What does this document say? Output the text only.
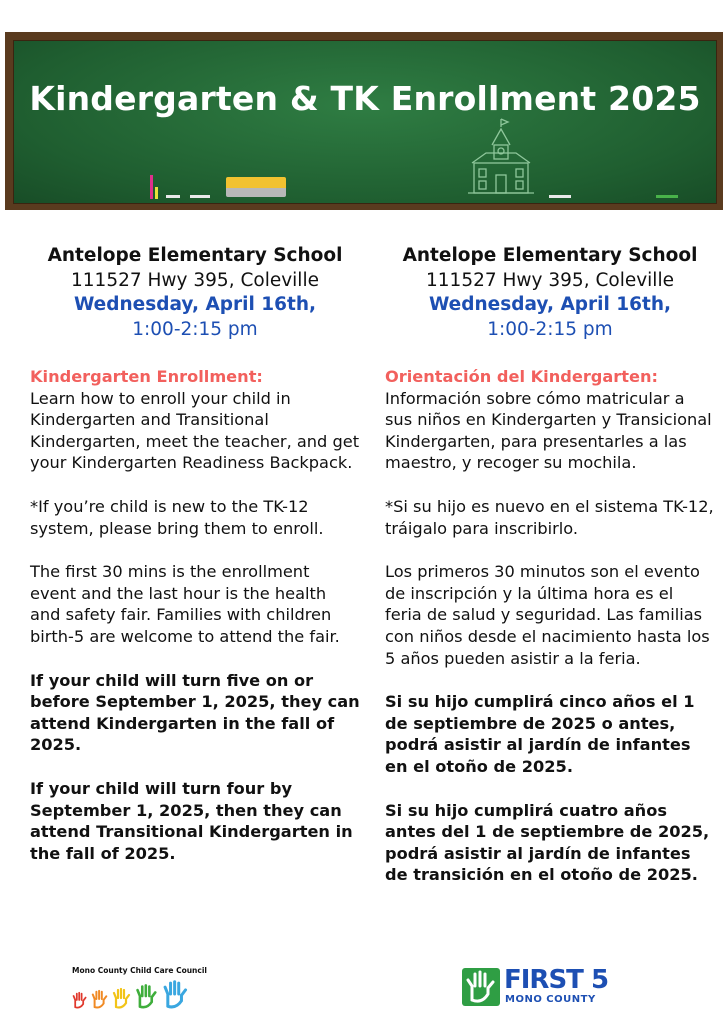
Kindergarten & TK Enrollment 2025
Antelope Elementary School
111527 Hwy 395, Coleville
Wednesday, April 16th,
1:00-2:15 pm
Kindergarten Enrollment:

Learn how to enroll your child in Kindergarten and Transitional Kindergarten, meet the teacher, and get your Kindergarten Readiness Backpack.

*If you’re child is new to the TK-12 system, please bring them to enroll.

The first 30 mins is the enrollment event and the last hour is the health and safety fair. Families with children birth-5 are welcome to attend the fair.

If your child will turn five on or before September 1, 2025, they can attend Kindergarten in the fall of 2025.

If your child will turn four by September 1, 2025, then they can attend Transitional Kindergarten in the fall of 2025.

Antelope Elementary School
111527 Hwy 395, Coleville
Wednesday, April 16th,
1:00-2:15 pm
Orientación del Kindergarten:

Información sobre cómo matricular a sus niños en Kindergarten y Transicional Kindergarten, para presentarles a las maestro, y recoger su mochila.

*Si su hijo es nuevo en el sistema TK-12, tráigalo para inscribirlo.

Los primeros 30 minutos son el evento de inscripción y la última hora es el feria de salud y seguridad. Las familias con niños desde el nacimiento hasta los 5 años pueden asistir a la feria.

Si su hijo cumplirá cinco años el 1 de septiembre de 2025 o antes, podrá asistir al jardín de infantes en el otoño de 2025.

Si su hijo cumplirá cuatro años antes del 1 de septiembre de 2025, podrá asistir al jardín de infantes de transición en el otoño de 2025.

Mono County Child Care Council	FIRST 5
MONO COUNTY
